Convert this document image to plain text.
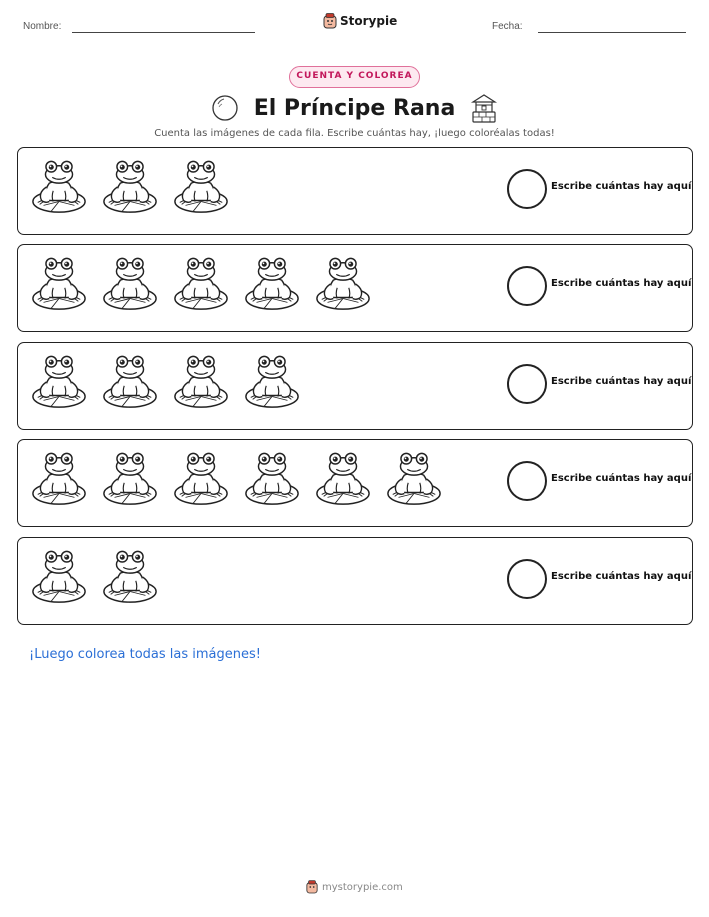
Nombre:	Storypie	Fecha:
CUENTA Y COLOREA
El Príncipe Rana
Cuenta las imágenes de cada fila. Escribe cuántas hay, ¡luego coloréalas todas!
Escribe cuántas hay aquí
Escribe cuántas hay aquí
Escribe cuántas hay aquí
Escribe cuántas hay aquí
Escribe cuántas hay aquí
¡Luego colorea todas las imágenes!
mystorypie.com
